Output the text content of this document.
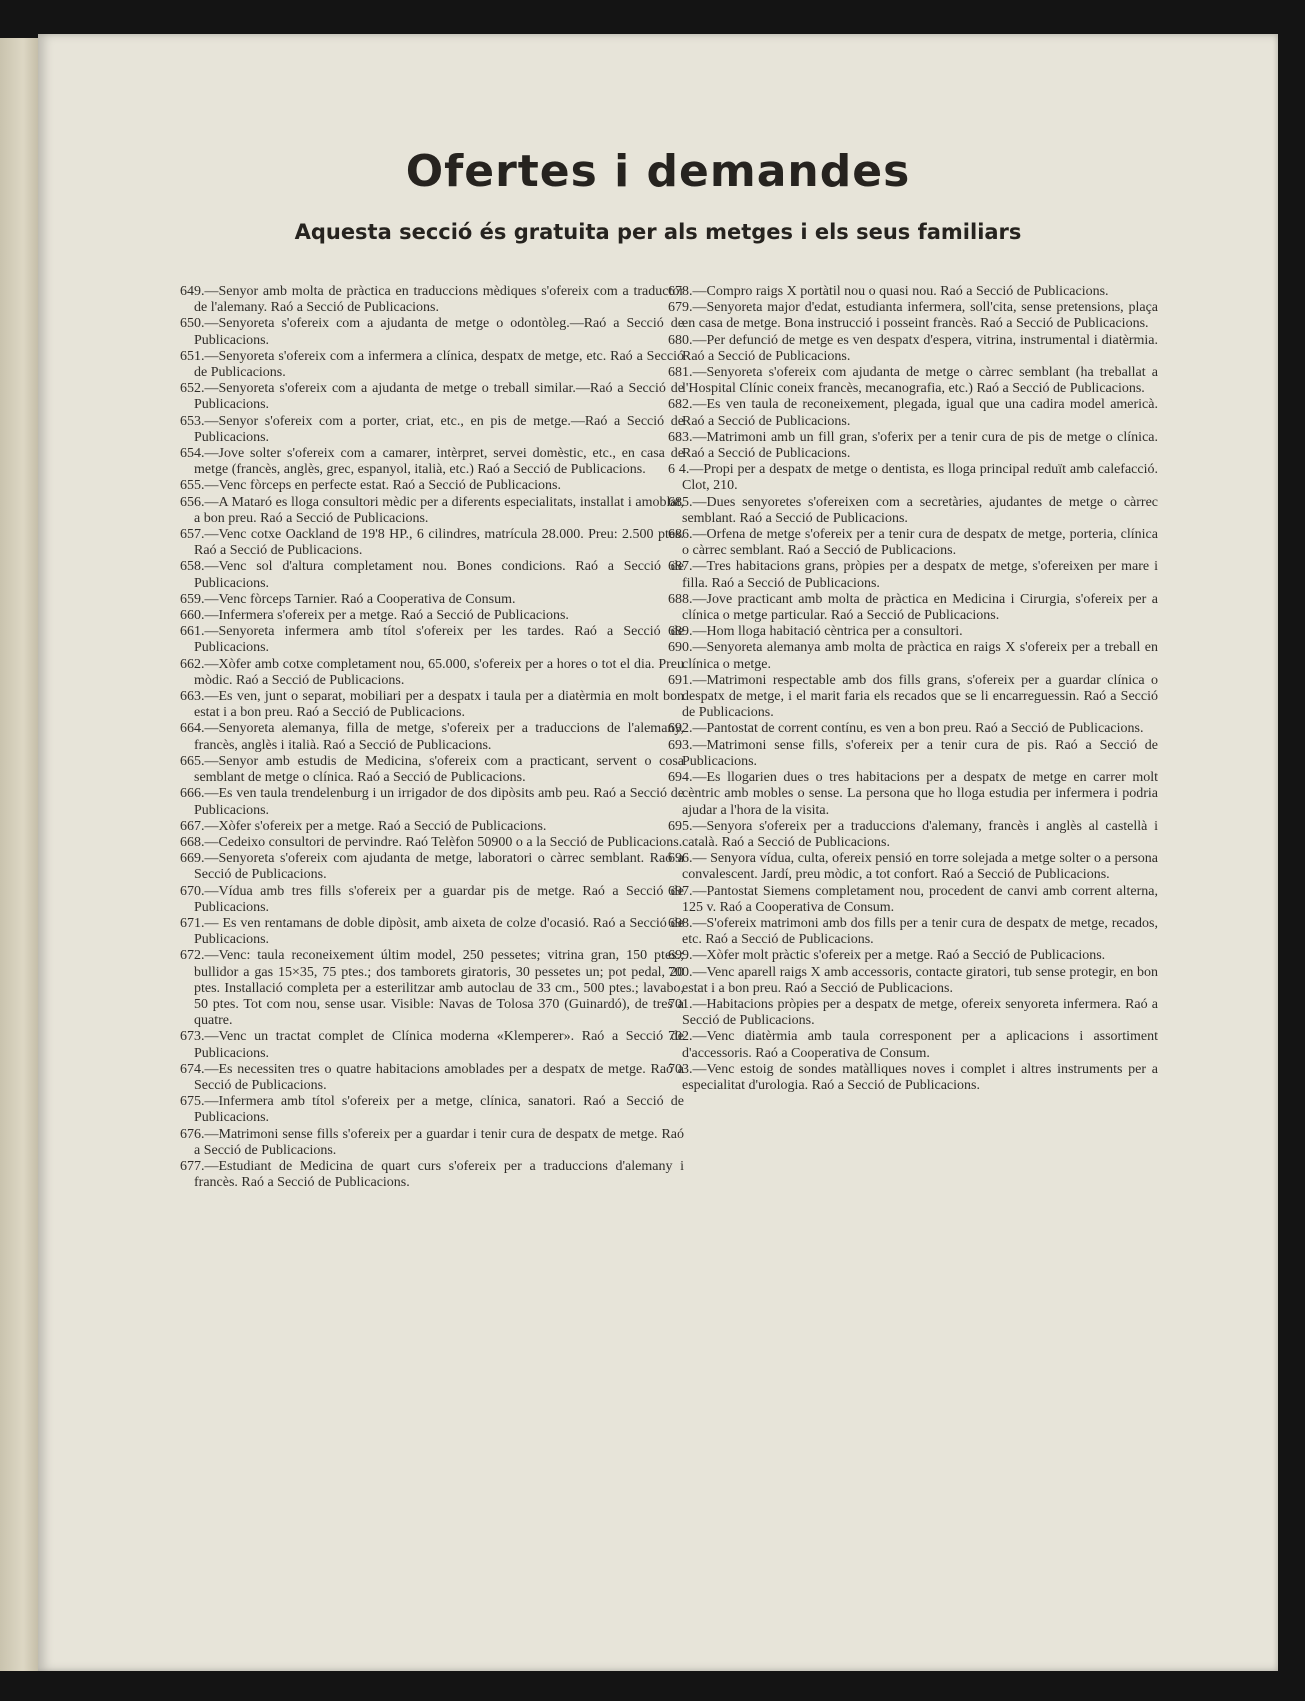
Ofertes i demandes
Aquesta secció és gratuita per als metges i els seus familiars

649.—Senyor amb molta de pràctica en traduccions mèdiques s'ofereix com a traductor de l'alemany. Raó a Secció de Publicacions.

650.—Senyoreta s'ofereix com a ajudanta de metge o odontòleg.—Raó a Secció de Publicacions.

651.—Senyoreta s'ofereix com a infermera a clínica, despatx de metge, etc. Raó a Secció de Publicacions.

652.—Senyoreta s'ofereix com a ajudanta de metge o treball similar.—Raó a Secció de Publicacions.

653.—Senyor s'ofereix com a porter, criat, etc., en pis de metge.—Raó a Secció de Publicacions.

654.—Jove solter s'ofereix com a camarer, intèrpret, servei domèstic, etc., en casa de metge (francès, anglès, grec, espanyol, italià, etc.) Raó a Secció de Publicacions.

655.—Venc fòrceps en perfecte estat. Raó a Secció de Publicacions.

656.—A Mataró es lloga consultori mèdic per a diferents especialitats, installat i amoblat, a bon preu. Raó a Secció de Publicacions.

657.—Venc cotxe Oackland de 19'8 HP., 6 cilindres, matrícula 28.000. Preu: 2.500 ptes. Raó a Secció de Publicacions.

658.—Venc sol d'altura completament nou. Bones condicions. Raó a Secció de Publicacions.

659.—Venc fòrceps Tarnier. Raó a Cooperativa de Consum.

660.—Infermera s'ofereix per a metge. Raó a Secció de Publicacions.

661.—Senyoreta infermera amb títol s'ofereix per les tardes. Raó a Secció de Publicacions.

662.—Xòfer amb cotxe completament nou, 65.000, s'ofereix per a hores o tot el dia. Preu mòdic. Raó a Secció de Publicacions.

663.—Es ven, junt o separat, mobiliari per a despatx i taula per a diatèrmia en molt bon estat i a bon preu. Raó a Secció de Publicacions.

664.—Senyoreta alemanya, filla de metge, s'ofereix per a traduccions de l'alemany, francès, anglès i italià. Raó a Secció de Publicacions.

665.—Senyor amb estudis de Medicina, s'ofereix com a practicant, servent o cosa semblant de metge o clínica. Raó a Secció de Publicacions.

666.—Es ven taula trendelenburg i un irrigador de dos dipòsits amb peu. Raó a Secció de Publicacions.

667.—Xòfer s'ofereix per a metge. Raó a Secció de Publicacions.

668.—Cedeixo consultori de pervindre. Raó Telèfon 50900 o a la Secció de Publicacions.

669.—Senyoreta s'ofereix com ajudanta de metge, laboratori o càrrec semblant. Raó a Secció de Publicacions.

670.—Vídua amb tres fills s'ofereix per a guardar pis de metge. Raó a Secció de Publicacions.

671.— Es ven rentamans de doble dipòsit, amb aixeta de colze d'ocasió. Raó a Secció de Publicacions.

672.—Venc: taula reconeixement últim model, 250 pessetes; vitrina gran, 150 ptes.; bullidor a gas 15×35, 75 ptes.; dos tamborets giratoris, 30 pessetes un; pot pedal, 20 ptes. Installació completa per a esterilitzar amb autoclau de 33 cm., 500 ptes.; lavabo, 50 ptes. Tot com nou, sense usar. Visible: Navas de Tolosa 370 (Guinardó), de tres a quatre.

673.—Venc un tractat complet de Clínica moderna «Klemperer». Raó a Secció de Publicacions.

674.—Es necessiten tres o quatre habitacions amoblades per a despatx de metge. Raó a Secció de Publicacions.

675.—Infermera amb títol s'ofereix per a metge, clínica, sanatori. Raó a Secció de Publicacions.

676.—Matrimoni sense fills s'ofereix per a guardar i tenir cura de despatx de metge. Raó a Secció de Publicacions.

677.—Estudiant de Medicina de quart curs s'ofereix per a traduccions d'alemany i francès. Raó a Secció de Publicacions.

678.—Compro raigs X portàtil nou o quasi nou. Raó a Secció de Publicacions.

679.—Senyoreta major d'edat, estudianta infermera, soll'cita, sense pretensions, plaça en casa de metge. Bona instrucció i posseint francès. Raó a Secció de Publicacions.

680.—Per defunció de metge es ven despatx d'espera, vitrina, instrumental i diatèrmia. Raó a Secció de Publicacions.

681.—Senyoreta s'ofereix com ajudanta de metge o càrrec semblant (ha treballat a l'Hospital Clínic coneix francès, mecanografia, etc.) Raó a Secció de Publicacions.

682.—Es ven taula de reconeixement, plegada, igual que una cadira model americà. Raó a Secció de Publicacions.

683.—Matrimoni amb un fill gran, s'oferix per a tenir cura de pis de metge o clínica. Raó a Secció de Publicacions.

6 4.—Propi per a despatx de metge o dentista, es lloga principal reduït amb calefacció. Clot, 210.

685.—Dues senyoretes s'ofereixen com a secretàries, ajudantes de metge o càrrec semblant. Raó a Secció de Publicacions.

686.—Orfena de metge s'ofereix per a tenir cura de despatx de metge, porteria, clínica o càrrec semblant. Raó a Secció de Publicacions.

687.—Tres habitacions grans, pròpies per a despatx de metge, s'ofereixen per mare i filla. Raó a Secció de Publicacions.

688.—Jove practicant amb molta de pràctica en Medicina i Cirurgia, s'ofereix per a clínica o metge particular. Raó a Secció de Publicacions.

689.—Hom lloga habitació cèntrica per a consultori.

690.—Senyoreta alemanya amb molta de pràctica en raigs X s'ofereix per a treball en clínica o metge.

691.—Matrimoni respectable amb dos fills grans, s'ofereix per a guardar clínica o despatx de metge, i el marit faria els recados que se li encarreguessin. Raó a Secció de Publicacions.

692.—Pantostat de corrent contínu, es ven a bon preu. Raó a Secció de Publicacions.

693.—Matrimoni sense fills, s'ofereix per a tenir cura de pis. Raó a Secció de Publicacions.

694.—Es llogarien dues o tres habitacions per a despatx de metge en carrer molt cèntric amb mobles o sense. La persona que ho lloga estudia per infermera i podria ajudar a l'hora de la visita.

695.—Senyora s'ofereix per a traduccions d'alemany, francès i anglès al castellà i català. Raó a Secció de Publicacions.

696.— Senyora vídua, culta, ofereix pensió en torre solejada a metge solter o a persona convalescent. Jardí, preu mòdic, a tot confort. Raó a Secció de Publicacions.

697.—Pantostat Siemens completament nou, procedent de canvi amb corrent alterna, 125 v. Raó a Cooperativa de Consum.

698.—S'ofereix matrimoni amb dos fills per a tenir cura de despatx de metge, recados, etc. Raó a Secció de Publicacions.

699.—Xòfer molt pràctic s'ofereix per a metge. Raó a Secció de Publicacions.

700.—Venc aparell raigs X amb accessoris, contacte giratori, tub sense protegir, en bon estat i a bon preu. Raó a Secció de Publicacions.

701.—Habitacions pròpies per a despatx de metge, ofereix senyoreta infermera. Raó a Secció de Publicacions.

702.—Venc diatèrmia amb taula corresponent per a aplicacions i assortiment d'accessoris. Raó a Cooperativa de Consum.

703.—Venc estoig de sondes matàlliques noves i complet i altres instruments per a especialitat d'urologia. Raó a Secció de Publicacions.
